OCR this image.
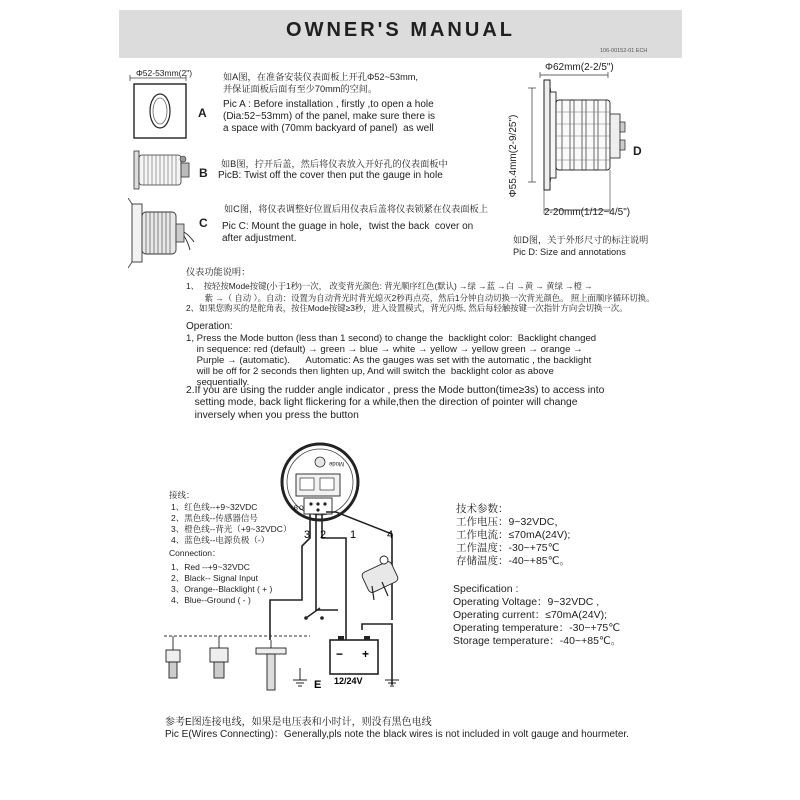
OWNER'S MANUAL
106-00152-01 ECH
Φ52-53mm(2")
A
如A图，在准备安装仪表面板上开孔Φ52~53mm,
并保证面板后面有至少70mm的空间。
Pic A : Before installation , firstly ,to open a hole
(Dia:52~53mm) of the panel, make sure there is
a space with (70mm backyard of panel)  as well
B
如B图，拧开后盖，然后将仪表放入开好孔的仪表面板中
PicB: Twist off the cover then put the gauge in hole
C
如C图，将仪表调整好位置后用仪表后盖将仪表锁紧在仪表面板上
Pic C: Mount the guage in hole，twist the back  cover on
after adjustment.
Φ62mm(2-2/5")
Φ55.4mm(2-9/25")	D
2-20mm(1/12~4/5")
如D图，关于外形尺寸的标注说明
Pic D: Size and annotations
仪表功能说明：
1、  按轻按Mode按键(小于1秒)一次， 改变背光颜色: 背光顺序红色(默认) →绿 →蓝 →白 →黄 → 黄绿 →橙 →
紫 →（ 自动 ）。自动：设置为自动背光时背光熄灭2秒再点亮，然后1分钟自动切换一次背光颜色。 照上面顺序循环切换。
2、如果您购买的是舵角表，按住Mode按键≥3秒，进入设置模式，背光闪烁, 然后每轻触按键一次指针方向会切换一次。
Operation:
1, Press the Mode button (less than 1 second) to change the  backlight color:  Backlight changed
in sequence: red (default) → green → blue → white → yellow → yellow green → orange →
Purple → (automatic).      Automatic: As the gauges was set with the automatic , the backlight
will be off for 2 seconds then lighten up, And will switch the  backlight color as above
sequentially.
2.If you are using the rudder angle indicator , press the Mode button(time≥3s) to access into
setting mode, back light flickering for a while,then the direction of pointer will change
inversely when you press the button
接线：
1、红色线--+9~32VDC
2、黑色线--传感器信号
3、橙色线--背光（+9~32VDC）
4、蓝色线--电源负极（-）
Connection：
1、Red --+9~32VDC
2、Black-- Signal Input
3、Orange--Blacklight ( + )
4、Blue--Ground ( - )
Mode
B O
3 2 1	4
− +
12/24V
E
技术参数：
工作电压：9~32VDC，
工作电流：≤70mA(24V);
工作温度：-30~+75℃
存储温度：-40~+85℃。
Specification :
Operating Voltage：9~32VDC ,
Operating current：≤70mA(24V);
Operating temperature：-30~+75℃
Storage temperature：-40~+85℃。
参考E图连接电线，如果是电压表和小时计，则没有黑色电线
Pic E(Wires Connecting)：Generally,pls note the black wires is not included in volt gauge and hourmeter.
